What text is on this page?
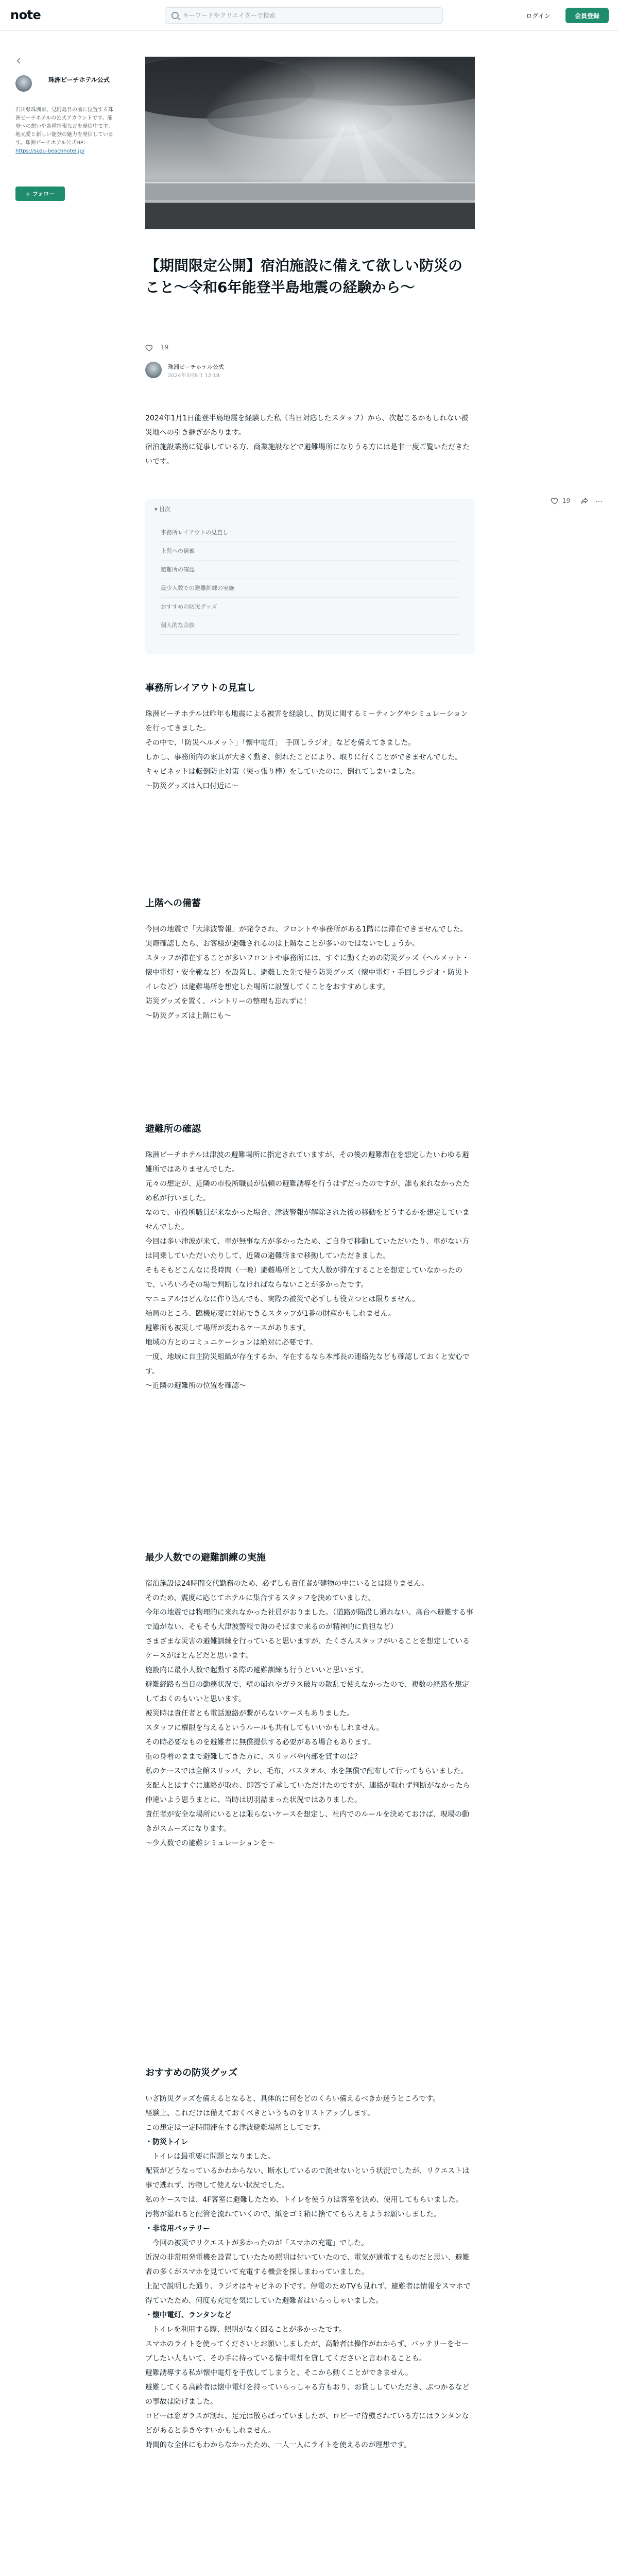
note
キーワードやクリエイターで検索	ログイン	会員登録
珠洲ビーチホテル公式
石川県珠洲市、見附島目の前に位置する珠洲ビーチホテルの公式アカウントです。能登への想いや各種情報などを発信中です。地元愛と新しい能登の魅力を発信しています。珠洲ビーチホテル公式HP： https://suzu-beachhotel.jp/
+ フォロー
【期間限定公開】宿泊施設に備えて欲しい防災のこと〜令和6年能登半島地震の経験から〜
19
珠洲ビーチホテル公式
2024年3月8日 12:18
2024年1月1日能登半島地震を経験した私（当日対応したスタッフ）から、次起こるかもしれない被災地への引き継ぎがあります。
宿泊施設業務に従事している方、商業施設などで避難場所になりうる方には是非一度ご覧いただきたいです。
19	…
▾ 目次
事務所レイアウトの見直し
上階への備蓄
避難所の確認
最少人数での避難訓練の実施
おすすめの防災グッズ
個人的な余談
事務所レイアウトの見直し
珠洲ビーチホテルは昨年も地震による被害を経験し、防災に関するミーティングやシミュレーションを行ってきました。
その中で、「防災ヘルメット」「懐中電灯」「手回しラジオ」などを備えてきました。
しかし、事務所内の家具が大きく動き、倒れたことにより、取りに行くことができませんでした。
キャビネットは転倒防止対策（突っ張り棒）をしていたのに、倒れてしまいました。
〜防災グッズは入口付近に〜
上階への備蓄
今回の地震で「大津波警報」が発令され、フロントや事務所がある1階には滞在できませんでした。
実際確認したら、お客様が避難されるのは上階なことが多いのではないでしょうか。
スタッフが滞在することが多いフロントや事務所には、すぐに動くための防災グッズ（ヘルメット・懐中電灯・安全靴など）を設置し、避難した先で使う防災グッズ（懐中電灯・手回しラジオ・防災トイレなど）は避難場所を想定した場所に設置してくことをおすすめします。
防災グッズを置く、パントリーの整理も忘れずに！
〜防災グッズは上階にも〜
避難所の確認
珠洲ビーチホテルは津波の避難場所に指定されていますが、その後の避難滞在を想定したいわゆる避難所ではありませんでした。
元々の想定が、近隣の市役所職員が信頼の避難誘導を行うはずだったのですが、誰も来れなかったため私が行いました。
なので、市役所職員が来なかった場合、津波警報が解除された後の移動をどうするかを想定していませんでした。
今回は多い津波が来て、車が無事な方が多かったため、ご自身で移動していただいたり、車がない方は同乗していただいたりして、近隣の避難所まで移動していただきました。
そもそもどこんなに長時間（一晩）避難場所として大人数が滞在することを想定していなかったので、いろいろその場で判断しなければならないことが多かったです。
マニュアルはどんなに作り込んでも、実際の被災で必ずしも役立つとは限りません。
結局のところ、臨機応変に対応できるスタッフが1番の財産かもしれません。
避難所も被災して場所が変わるケースがあります。
地域の方とのコミュニケーションは絶対に必要です。
一度、地域に自主防災組織が存在するか、存在するなら本部長の連絡先なども確認しておくと安心です。
〜近隣の避難所の位置を確認〜
最少人数での避難訓練の実施
宿泊施設は24時間交代勤務のため、必ずしも責任者が建物の中にいるとは限りません。
そのため、震度に応じてホテルに集合するスタッフを決めていました。
今年の地震では物理的に来れなかった社員がおりました。（道路が陥没し通れない、高台へ避難する事で道がない、そもそも大津波警報で海のそばまで来るのが精神的に負担など）
さまざまな災害の避難訓練を行っていると思いますが、たくさんスタッフがいることを想定しているケースがほとんどだと思います。
施設内に最小人数で起動する際の避難訓練も行うといいと思います。
避難経路も当日の勤務状況で、壁の崩れやガラス破片の散乱で使えなかったので、複数の経路を想定しておくのもいいと思います。
被災時は責任者とも電話連絡が繋がらないケースもありました。
スタッフに権限を与えるというルールも共有してもいいかもしれません。
その時必要なものを避難者に無償提供する必要がある場合もあります。
重の身着のままで避難してきた方に、スリッパや内部を貸すのは？
私のケースでは全館スリッパ、テレ、毛布、バスタオル、水を無償で配布して行ってもらいました。
支配人とはすぐに連絡が取れ、即答で了承していただけたのですが、連絡が取れず判断がなかったら仲違いよう思うまとに、当時は切羽詰まった状況ではありました。
責任者が安全な場所にいるとは限らないケースを想定し、社内でのルールを決めておけば、現場の動きがスムーズになります。
〜少人数での避難シミュレーションを〜
おすすめの防災グッズ
いざ防災グッズを備えるとなると、具体的に何をどのくらい備えるべきか迷うところです。
経験上、これだけは備えておくべきというものをリストアップします。
この想定は一定時間滞在する津波避難場所としてです。
・防災トイレ
　トイレは最重要に問題となりました。
配管がどうなっているかわからない、断水しているので流せないという状況でしたが、リクエストは事で逃れず、汚物して使えない状況でした。
私のケースでは、4F客室に避難したため、トイレを使う方は客室を決め、使用してもらいました。
汚物が溢れると配管を流れていくので、紙をゴミ箱に捨ててもらえるようお願いしました。
・非常用バッテリー
　今回の被災でリクエストが多かったのが「スマホの充電」でした。
近況の非常用発電機を設置していたため照明は付いていたので、電気が通電するものだと思い、避難者の多くがスマホを見ていて充電する機会を探しまわっていました。
上記で説明した通り、ラジオはキャビネの下です。停電のためTVも見れず、避難者は情報をスマホで得ていたため、何度も充電を気にしていた避難者はいらっしゃいました。
・懐中電灯、ランタンなど
　トイレを利用する際、照明がなく困ることが多かったです。
スマホのライトを使ってくださいとお願いしましたが、高齢者は操作がわからず、バッテリーをセーブしたい人もいて、その手に持っている懐中電灯を貸してくださいと言われることも。
避難誘導する私が懐中電灯を手放してしまうと、そこから動くことができません。
避難してくる高齢者は懐中電灯を持っていらっしゃる方もおり、お貸ししていただき、ぶつかるなどの事故は防げました。
ロビーは窓ガラスが割れ、足元は散らばっていましたが、ロビーで待機されている方にはランタンなどがあると歩きやすいかもしれません。
時間的な全体にもわからなかったため、一人一人にライトを使えるのが理想です。
